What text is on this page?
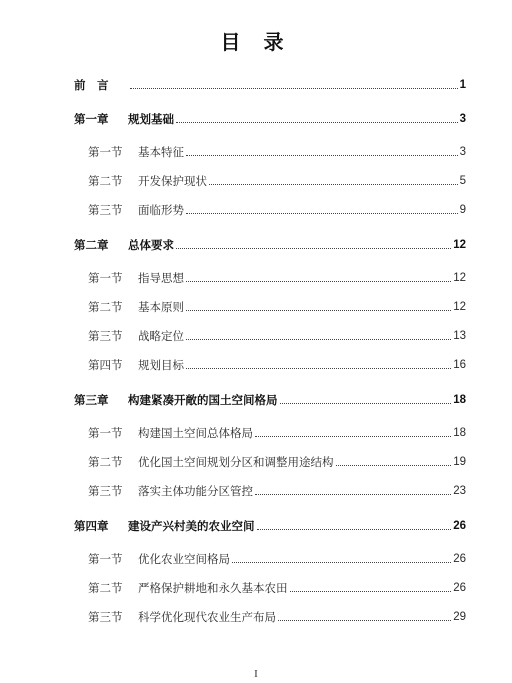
目 录
前　言	1
第一章 规划基础	3
第一节 基本特征	3
第二节 开发保护现状	5
第三节 面临形势	9
第二章 总体要求	12
第一节 指导思想	12
第二节 基本原则	12
第三节 战略定位	13
第四节 规划目标	16
第三章 构建紧凑开敞的国土空间格局	18
第一节 构建国土空间总体格局	18
第二节 优化国土空间规划分区和调整用途结构	19
第三节 落实主体功能分区管控	23
第四章 建设产兴村美的农业空间	26
第一节 优化农业空间格局	26
第二节 严格保护耕地和永久基本农田	26
第三节 科学优化现代农业生产布局	29
I
